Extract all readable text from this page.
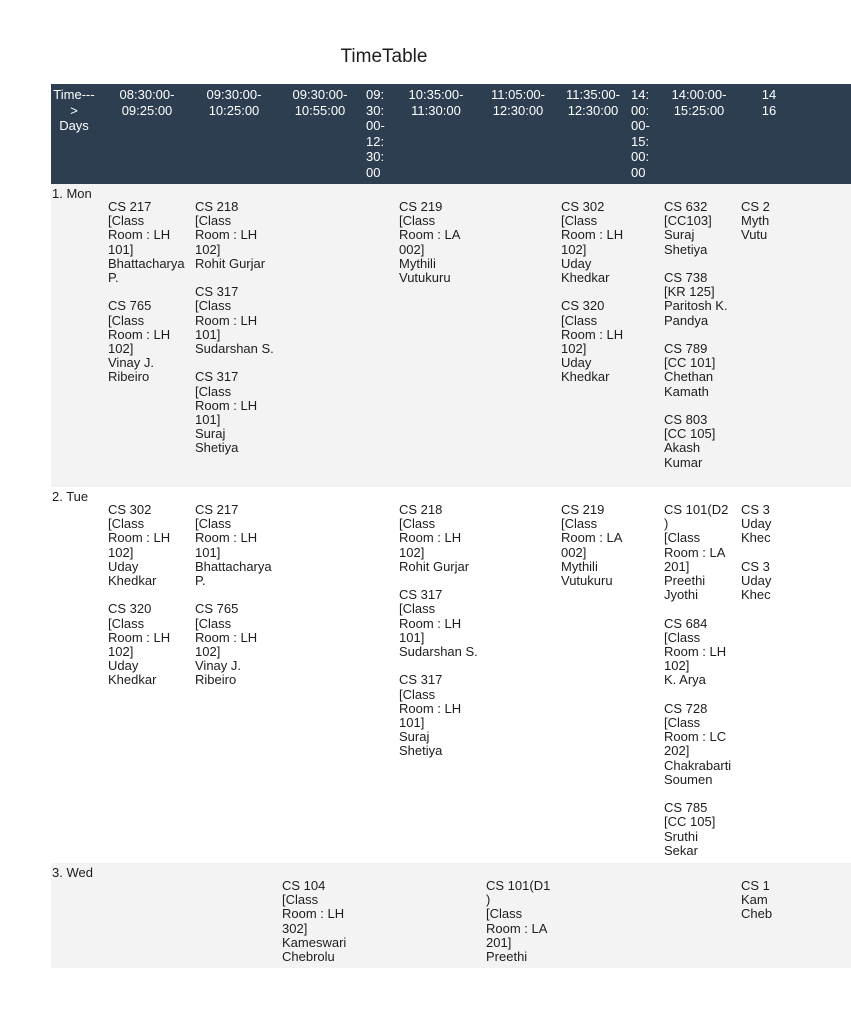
TimeTable
Time---
>
Days
08:30:00-
09:25:00
09:30:00-
10:25:00
09:30:00-
10:55:00
09:
30:
00-
12:
30:
00
10:35:00-
11:30:00
11:05:00-
12:30:00
11:35:00-
12:30:00
14:
00:
00-
15:
00:
00
14:00:00-
15:25:00
14
16
1. Mon
CS 217
[Class
Room : LH
101]
Bhattacharya
P.
CS 765
[Class
Room : LH
102]
Vinay J.
Ribeiro
CS 218
[Class
Room : LH
102]
Rohit Gurjar
CS 317
[Class
Room : LH
101]
Sudarshan S.
CS 317
[Class
Room : LH
101]
Suraj
Shetiya
CS 219
[Class
Room : LA
002]
Mythili
Vutukuru
CS 302
[Class
Room : LH
102]
Uday
Khedkar
CS 320
[Class
Room : LH
102]
Uday
Khedkar
CS 632
[CC103]
Suraj
Shetiya
CS 738
[KR 125]
Paritosh K.
Pandya
CS 789
[CC 101]
Chethan
Kamath
CS 803
[CC 105]
Akash
Kumar
CS 2
Myth
Vutu
2. Tue
CS 302
[Class
Room : LH
102]
Uday
Khedkar
CS 320
[Class
Room : LH
102]
Uday
Khedkar
CS 217
[Class
Room : LH
101]
Bhattacharya
P.
CS 765
[Class
Room : LH
102]
Vinay J.
Ribeiro
CS 218
[Class
Room : LH
102]
Rohit Gurjar
CS 317
[Class
Room : LH
101]
Sudarshan S.
CS 317
[Class
Room : LH
101]
Suraj
Shetiya
CS 219
[Class
Room : LA
002]
Mythili
Vutukuru
CS 101(D2
)
[Class
Room : LA
201]
Preethi
Jyothi
CS 684
[Class
Room : LH
102]
K. Arya
CS 728
[Class
Room : LC
202]
Chakrabarti
Soumen
CS 785
[CC 105]
Sruthi
Sekar
CS 3
Uday
Khec
CS 3
Uday
Khec
3. Wed
CS 104
[Class
Room : LH
302]
Kameswari
Chebrolu
CS 101(D1
)
[Class
Room : LA
201]
Preethi
CS 1
Kam
Cheb
